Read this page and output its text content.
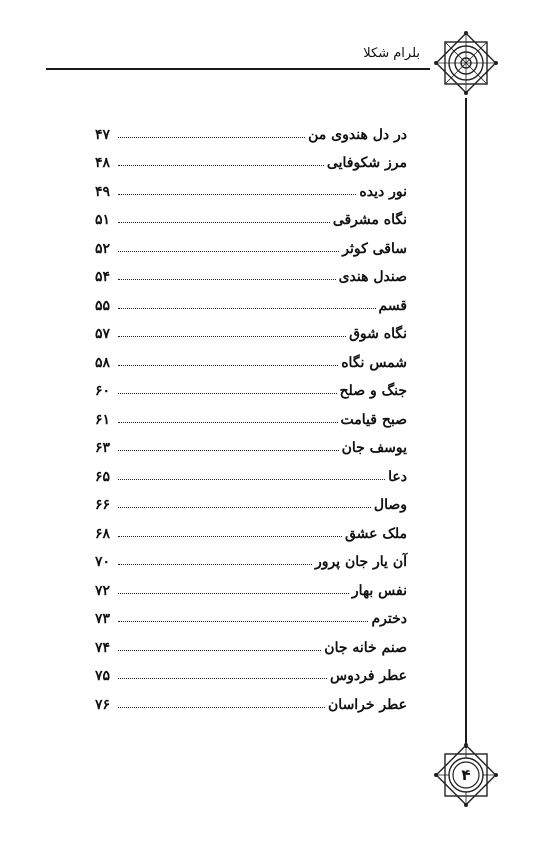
بلرام شکلا
۴
در دل هندوی من
۴۷
مرز شکوفایی
۴۸
نور دیده
۴۹
نگاه مشرقی
۵۱
ساقی کوثر
۵۲
صندل هندی
۵۴
قسم
۵۵
نگاه شوق
۵۷
شمس نگاه
۵۸
جنگ و صلح
۶۰
صبح قیامت
۶۱
یوسف جان
۶۳
دعا
۶۵
وصال
۶۶
ملک عشق
۶۸
آن یار جان پرور
۷۰
نفس بهار
۷۲
دخترم
۷۳
صنم خانه جان
۷۴
عطر فردوس
۷۵
عطر خراسان
۷۶
